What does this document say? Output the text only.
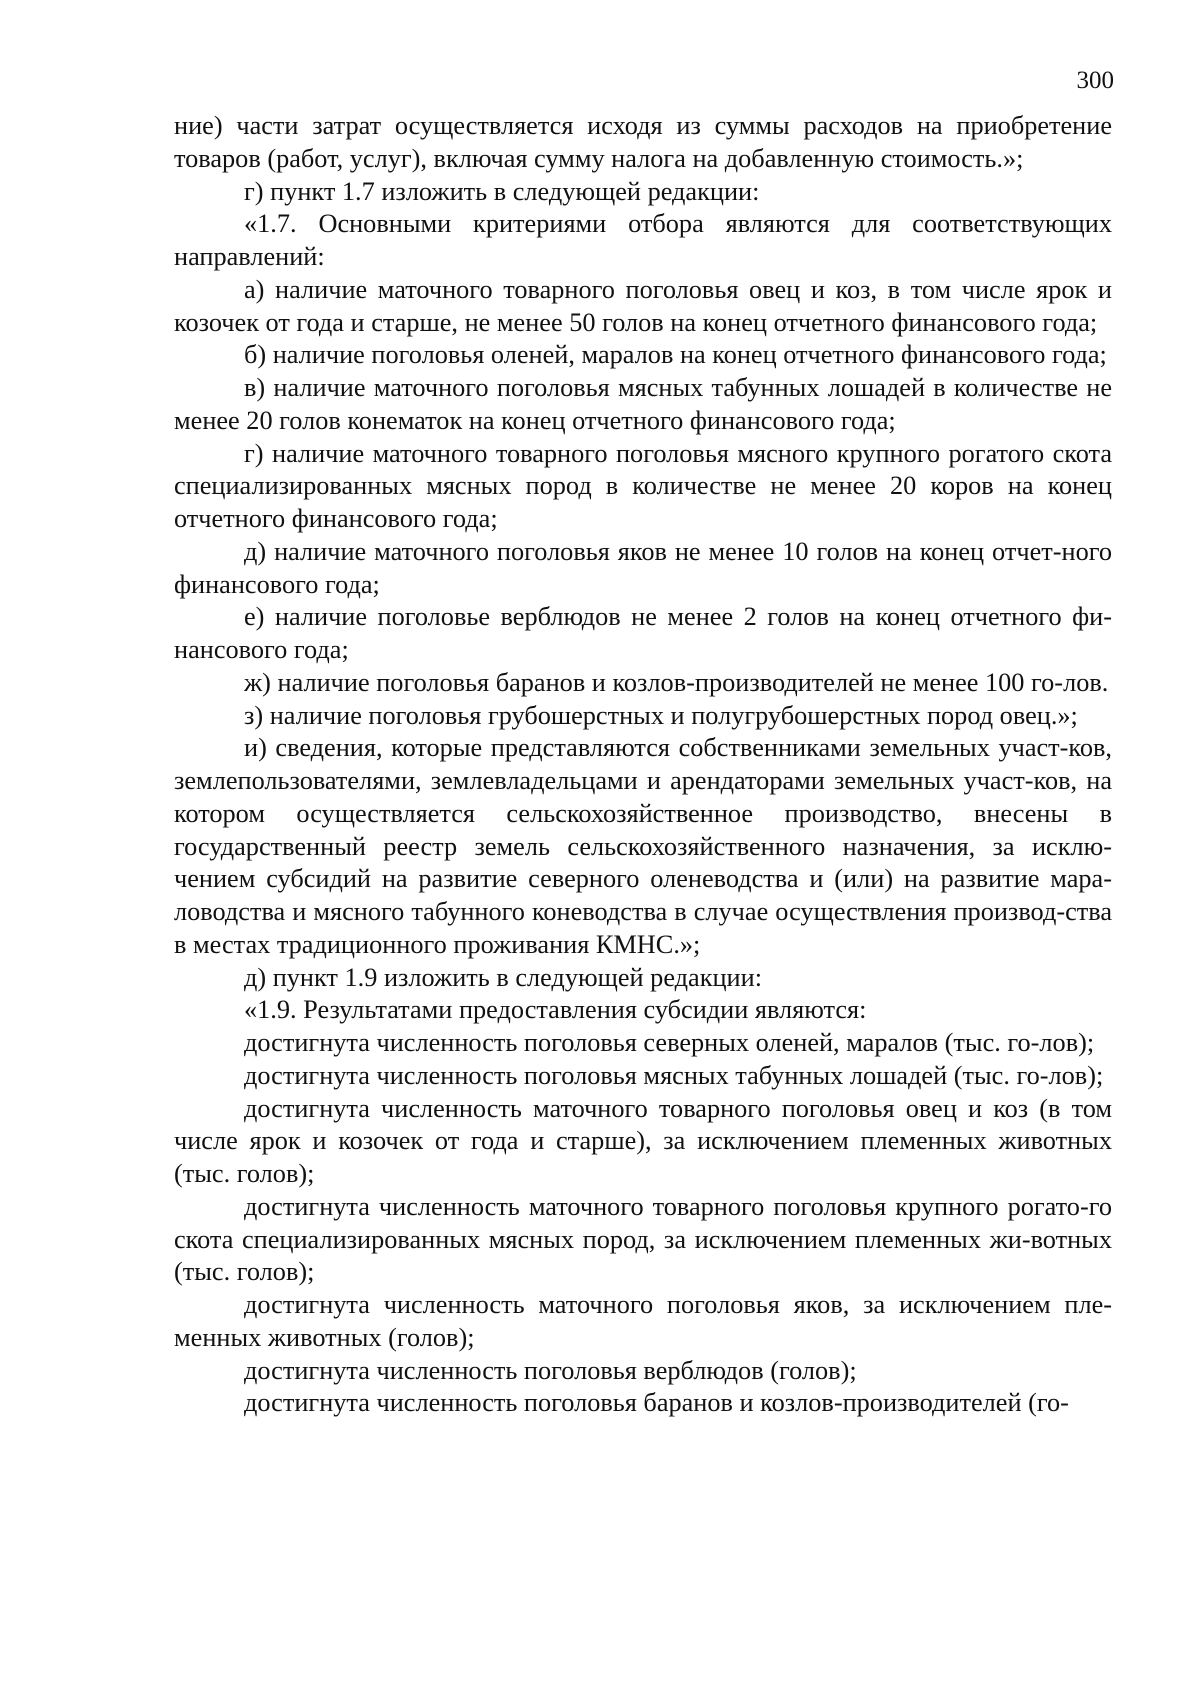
300

ние) части затрат осуществляется исходя из суммы расходов на приобретение товаров (работ, услуг), включая сумму налога на добавленную стоимость.»;

г) пункт 1.7 изложить в следующей редакции:

«1.7. Основными критериями отбора являются для соответствующих направлений:

а) наличие маточного товарного поголовья овец и коз, в том числе ярок и козочек от года и старше, не менее 50 голов на конец отчетного финансового года;

б) наличие поголовья оленей, маралов на конец отчетного финансового года;

в) наличие маточного поголовья мясных табунных лошадей в количестве не менее 20 голов конематок на конец отчетного финансового года;

г) наличие маточного товарного поголовья мясного крупного рогатого скота специализированных мясных пород в количестве не менее 20 коров на конец отчетного финансового года;

д) наличие маточного поголовья яков не менее 10 голов на конец отчет-ного финансового года;

е) наличие поголовье верблюдов не менее 2 голов на конец отчетного фи-нансового года;

ж) наличие поголовья баранов и козлов-производителей не менее 100 го-лов.

з) наличие поголовья грубошерстных и полугрубошерстных пород овец.»;

и) сведения, которые представляются собственниками земельных участ-ков, землепользователями, землевладельцами и арендаторами земельных участ-ков, на котором осуществляется сельскохозяйственное производство, внесены в государственный реестр земель сельскохозяйственного назначения, за исклю-чением субсидий на развитие северного оленеводства и (или) на развитие мара-ловодства и мясного табунного коневодства в случае осуществления производ-ства в местах традиционного проживания КМНС.»;

д) пункт 1.9 изложить в следующей редакции:

«1.9. Результатами предоставления субсидии являются:

достигнута численность поголовья северных оленей, маралов (тыс. го-лов);

достигнута численность поголовья мясных табунных лошадей (тыс. го-лов);

достигнута численность маточного товарного поголовья овец и коз (в том числе ярок и козочек от года и старше), за исключением племенных животных (тыс. голов);

достигнута численность маточного товарного поголовья крупного рогато-го скота специализированных мясных пород, за исключением племенных жи-вотных (тыс. голов);

достигнута численность маточного поголовья яков, за исключением пле-менных животных (голов);

достигнута численность поголовья верблюдов (голов);

достигнута численность поголовья баранов и козлов-производителей (го-
